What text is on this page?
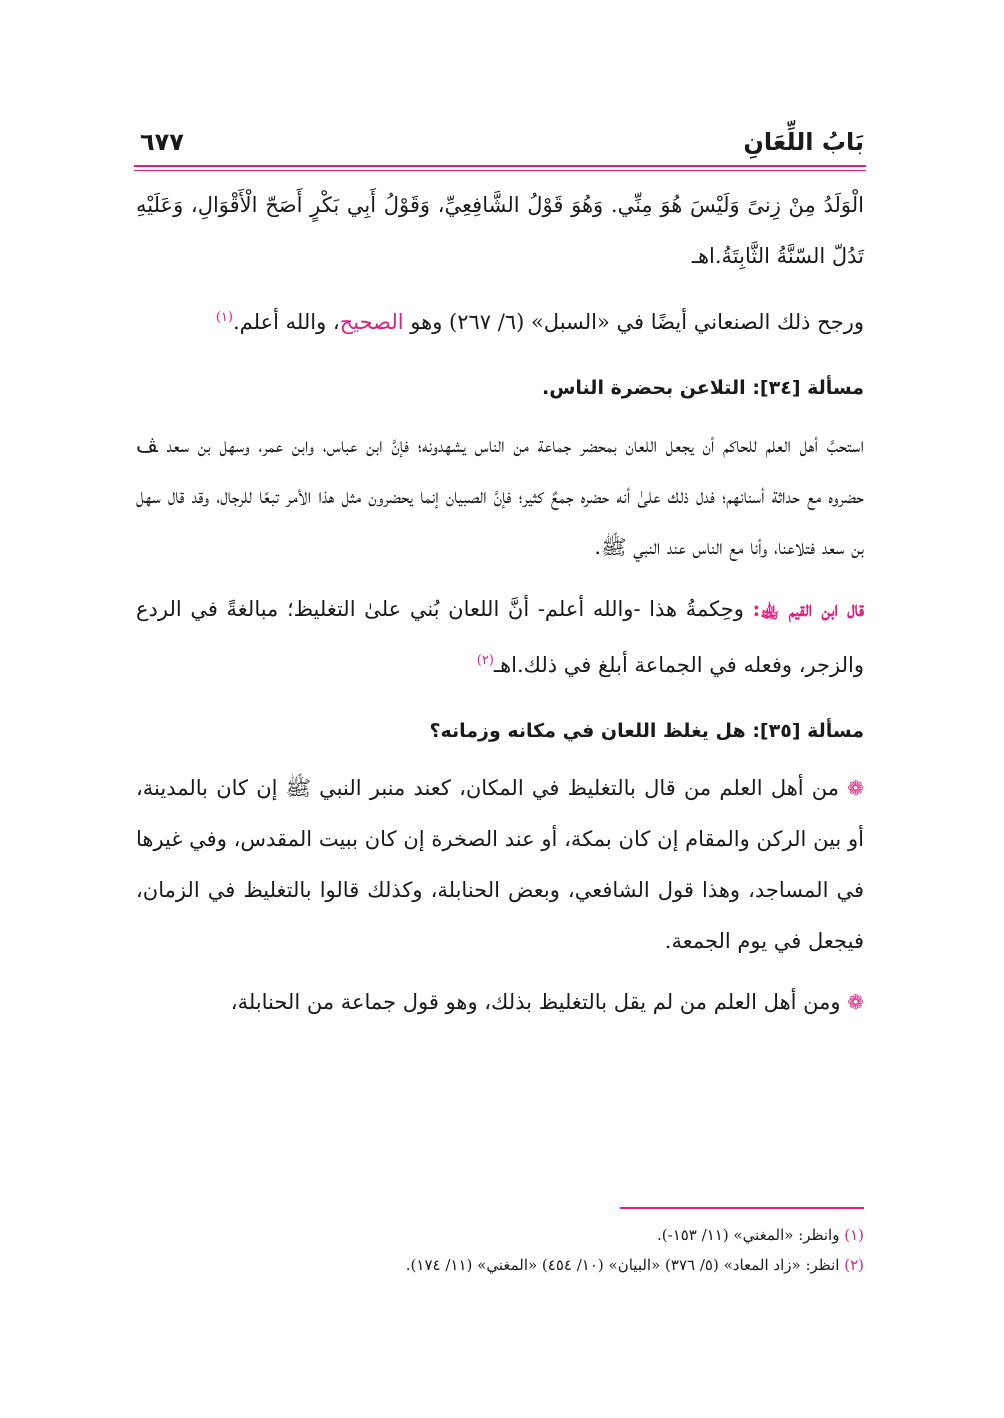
بَابُ اللِّعَانِ
٦٧٧

الْوَلَدُ مِنْ زِنىً وَلَيْسَ هُوَ مِنِّي. وَهُوَ قَوْلُ الشَّافِعِيِّ، وَقَوْلُ أَبِي بَكْرٍ أَصَحّ الْأَقْوَالِ، وَعَلَيْهِ تَدُلّ السّنَّةُ الثَّابِتَةُ.اهـ

ورجح ذلك الصنعاني أيضًا في «السبل» (٦/ ٢٦٧) وهو الصحيح، والله أعلم.$^{(١)}$

مسألة [٣٤]: التلاعن بحضرة الناس.

استحبَّ أهل العلم للحاكم أن يجعل اللعان بمحضر جماعة من الناس يشهدونه؛ فإنَّ ابن عباس، وابن عمر، وسهل بن سعد ﭫ حضروه مع حداثة أسنانهم؛ فدل ذلك علىٰ أنه حضره جمعٌ كثير؛ فإنَّ الصبيان إنما يحضرون مثل هذا الأمر تبعًا للرجال، وقد قال سهل بن سعد فتلاعنا، وأنا مع الناس عند النبي ﷺ.

قال ابن القيم ﵀: وحِكمةُ هذا -والله أعلم- أنَّ اللعان بُني علىٰ التغليظ؛ مبالغةً في الردع والزجر، وفعله في الجماعة أبلغ في ذلك.اهـ$^{(٢)}$

مسألة [٣٥]: هل يغلظ اللعان في مكانه وزمانه؟

❁ من أهل العلم من قال بالتغليظ في المكان، كعند منبر النبي ﷺ إن كان بالمدينة، أو بين الركن والمقام إن كان بمكة، أو عند الصخرة إن كان ببيت المقدس، وفي غيرها في المساجد، وهذا قول الشافعي، وبعض الحنابلة، وكذلك قالوا بالتغليظ في الزمان، فيجعل في يوم الجمعة.

❁ ومن أهل العلم من لم يقل بالتغليظ بذلك، وهو قول جماعة من الحنابلة،

(١) وانظر: «المغني» (١١/ ١٥٣-).

(٢) انظر: «زاد المعاد» (٥/ ٣٧٦) «البيان» (١٠/ ٤٥٤) «المغني» (١١/ ١٧٤).
